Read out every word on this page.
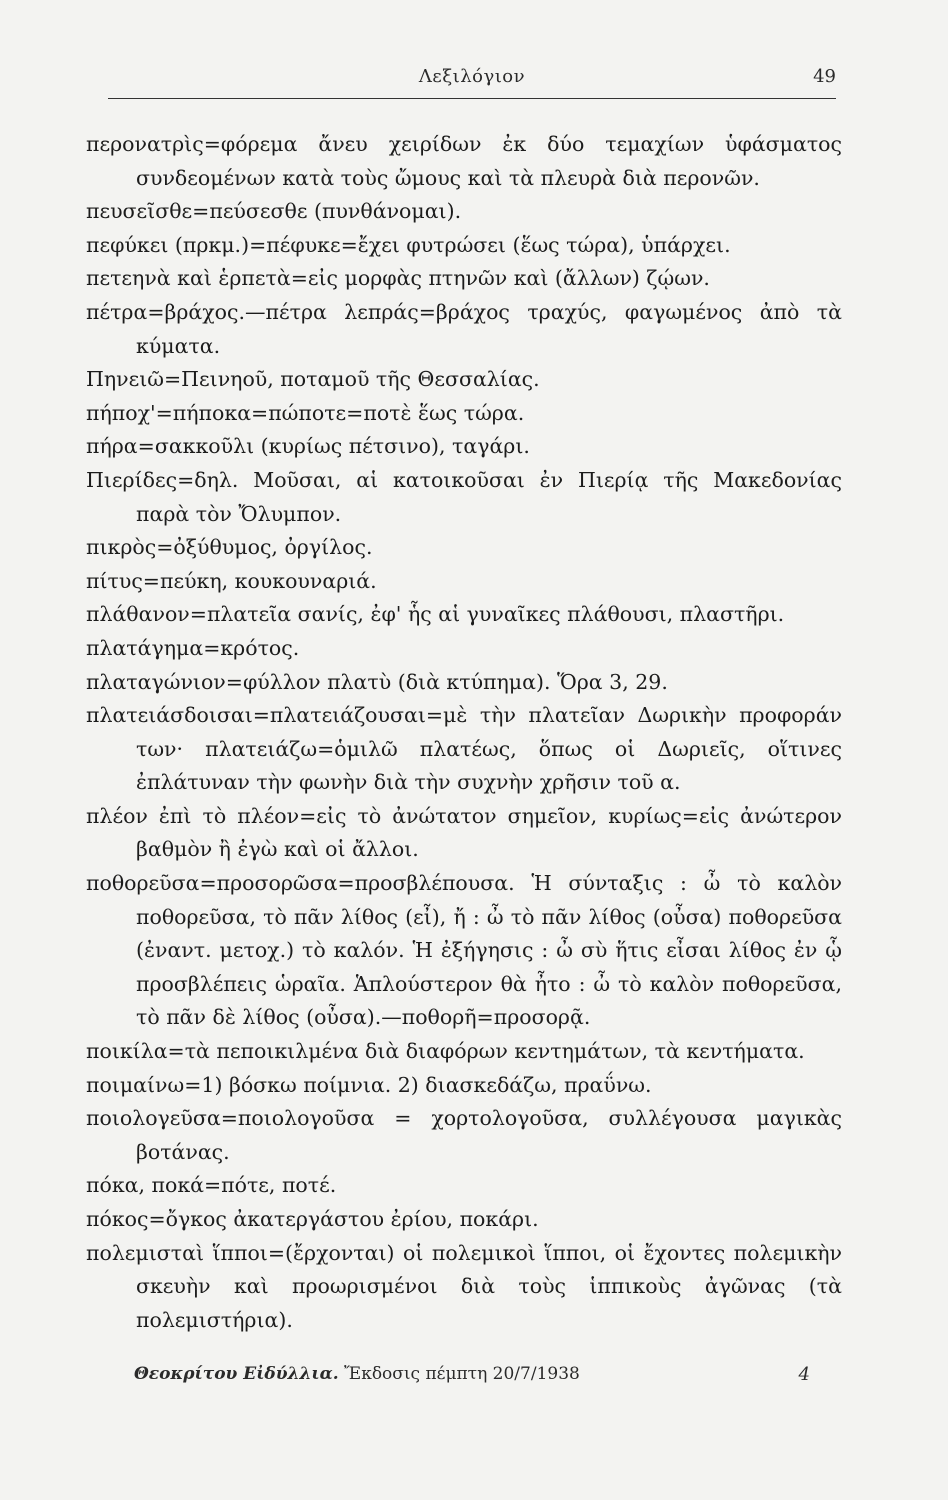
Λεξιλόγιον	49

περονατρὶς=φόρεμα ἄνευ χειρίδων ἐκ δύο τεμαχίων ὑφάσματος συνδεομένων κατὰ τοὺς ὤμους καὶ τὰ πλευρὰ διὰ περονῶν.

πευσεῖσθε=πεύσεσθε (πυνθάνομαι).

πεφύκει (πρκμ.)=πέφυκε=ἔχει φυτρώσει (ἕως τώρα), ὑπάρχει.

πετεηνὰ καὶ ἑρπετὰ=εἰς μορφὰς πτηνῶν καὶ (ἄλλων) ζῴων.

πέτρα=βράχος.—πέτρα λεπράς=βράχος τραχύς, φαγωμένος ἀπὸ τὰ κύματα.

Πηνειῶ=Πεινηοῦ, ποταμοῦ τῆς Θεσσαλίας.

πήποχ'=πήποκα=πώποτε=ποτὲ ἕως τώρα.

πήρα=σακκοῦλι (κυρίως πέτσινο), ταγάρι.

Πιερίδες=δηλ. Μοῦσαι, αἱ κατοικοῦσαι ἐν Πιερίᾳ τῆς Μακεδονίας παρὰ τὸν Ὄλυμπον.

πικρὸς=ὀξύθυμος, ὀργίλος.

πίτυς=πεύκη, κουκουναριά.

πλάθανον=πλατεῖα σανίς, ἐφ' ἧς αἱ γυναῖκες πλάθουσι, πλαστῆρι.

πλατάγημα=κρότος.

πλαταγώνιον=φύλλον πλατὺ (διὰ κτύπημα). Ὅρα 3, 29.

πλατειάσδοισαι=πλατειάζουσαι=μὲ τὴν πλατεῖαν Δωρικὴν προφοράν των· πλατειάζω=ὁμιλῶ πλατέως, ὅπως οἱ Δωριεῖς, οἵτινες ἐπλάτυναν τὴν φωνὴν διὰ τὴν συχνὴν χρῆσιν τοῦ α.

πλέον ἐπὶ τὸ πλέον=εἰς τὸ ἀνώτατον σημεῖον, κυρίως=εἰς ἀνώτερον βαθμὸν ἢ ἐγὼ καὶ οἱ ἄλλοι.

ποθορεῦσα=προσορῶσα=προσβλέπουσα. Ἡ σύνταξις : ὦ τὸ καλὸν ποθορεῦσα, τὸ πᾶν λίθος (εἶ), ἤ : ὦ τὸ πᾶν λίθος (οὖσα) ποθορεῦσα (ἐναντ. μετοχ.) τὸ καλόν. Ἡ ἐξήγησις : ὦ σὺ ἥτις εἶσαι λίθος ἐν ᾧ προσβλέπεις ὡραῖα. Ἁπλούστερον θὰ ἦτο : ὦ τὸ καλὸν ποθορεῦσα, τὸ πᾶν δὲ λίθος (οὖσα).—ποθορῆ=προσορᾷ.

ποικίλα=τὰ πεποικιλμένα διὰ διαφόρων κεντημάτων, τὰ κεντήματα.

ποιμαίνω=1) βόσκω ποίμνια. 2) διασκεδάζω, πραΰνω.

ποιολογεῦσα=ποιολογοῦσα = χορτολογοῦσα, συλλέγουσα μαγικὰς βοτάνας.

πόκα, ποκά=πότε, ποτέ.

πόκος=ὄγκος ἀκατεργάστου ἐρίου, ποκάρι.

πολεμισταὶ ἵπποι=(ἔρχονται) οἱ πολεμικοὶ ἵπποι, οἱ ἔχοντες πολεμικὴν σκευὴν καὶ προωρισμένοι διὰ τοὺς ἱππικοὺς ἀγῶνας (τὰ πολεμιστήρια).

Θεοκρίτου Εἰδύλλια. Ἔκδοσις πέμπτη 20/7/1938	4
